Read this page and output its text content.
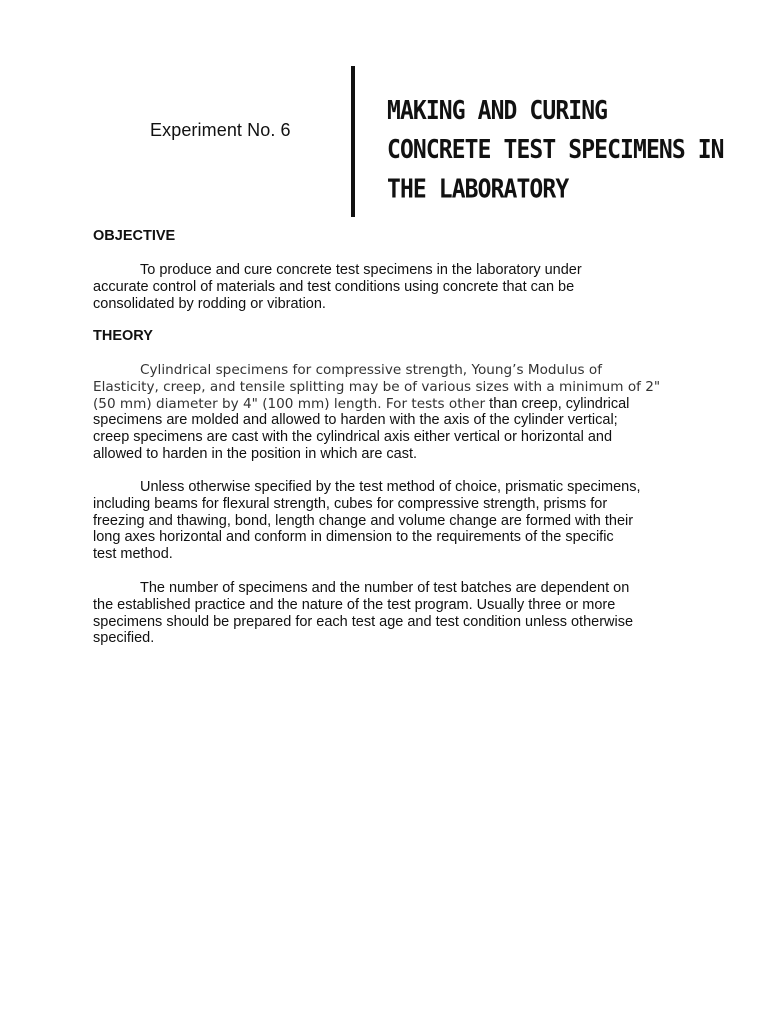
Experiment No. 6
MAKING AND CURING
CONCRETE TEST SPECIMENS IN
THE LABORATORY
OBJECTIVE

To produce and cure concrete test specimens in the laboratory under
accurate control of materials and test conditions using concrete that can be
consolidated by rodding or vibration.

THEORY

Cylindrical specimens for compressive strength, Young’s Modulus of
Elasticity, creep, and tensile splitting may be of various sizes with a minimum of 2"
(50 mm) diameter by 4" (100 mm) length. For tests other than creep, cylindrical
specimens are molded and allowed to harden with the axis of the cylinder vertical;
creep specimens are cast with the cylindrical axis either vertical or horizontal and
allowed to harden in the position in which are cast.

Unless otherwise specified by the test method of choice, prismatic specimens,
including beams for flexural strength, cubes for compressive strength, prisms for
freezing and thawing, bond, length change and volume change are formed with their
long axes horizontal and conform in dimension to the requirements of the specific
test method.

The number of specimens and the number of test batches are dependent on
the established practice and the nature of the test program. Usually three or more
specimens should be prepared for each test age and test condition unless otherwise
specified.
